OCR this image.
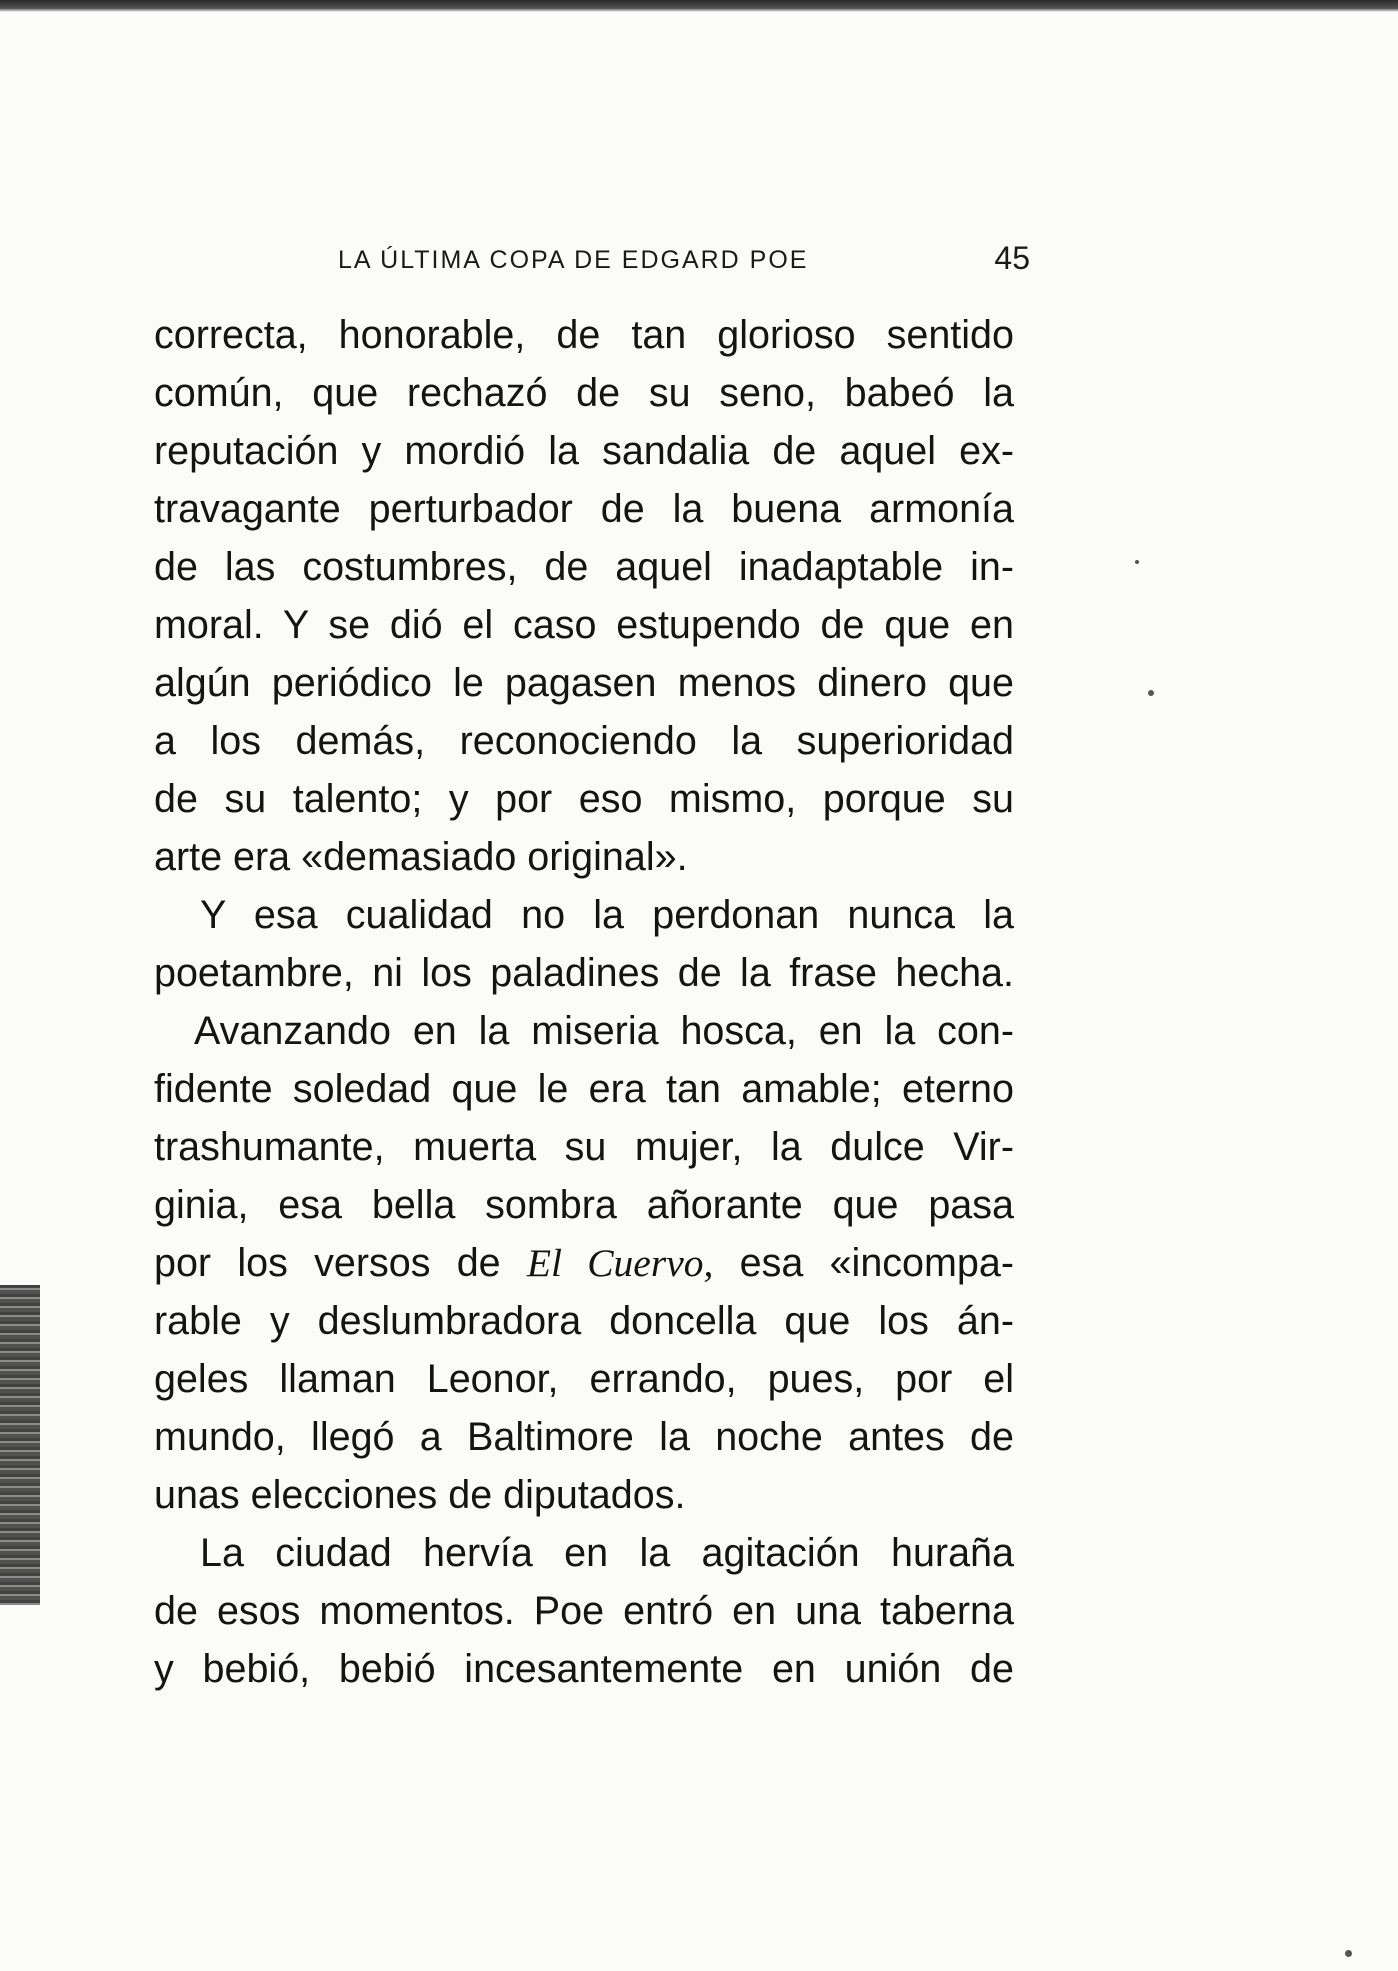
LA ÚLTIMA COPA DE EDGARD POE	45

correcta, honorable, de tan glorioso sentido
común, que rechazó de su seno, babeó la
reputación y mordió la sandalia de aquel ex-
travagante perturbador de la buena armonía
de las costumbres, de aquel inadaptable in-
moral. Y se dió el caso estupendo de que en
algún periódico le pagasen menos dinero que
a los demás, reconociendo la superioridad
de su talento; y por eso mismo, porque su
arte era «demasiado original».

Y esa cualidad no la perdonan nunca la
poetambre, ni los paladines de la frase hecha.

Avanzando en la miseria hosca, en la con-
fidente soledad que le era tan amable; eterno
trashumante, muerta su mujer, la dulce Vir-
ginia, esa bella sombra añorante que pasa
por los versos de El Cuervo, esa «incompa-
rable y deslumbradora doncella que los án-
geles llaman Leonor, errando, pues, por el
mundo, llegó a Baltimore la noche antes de
unas elecciones de diputados.

La ciudad hervía en la agitación huraña
de esos momentos. Poe entró en una taberna
y bebió, bebió incesantemente en unión de
